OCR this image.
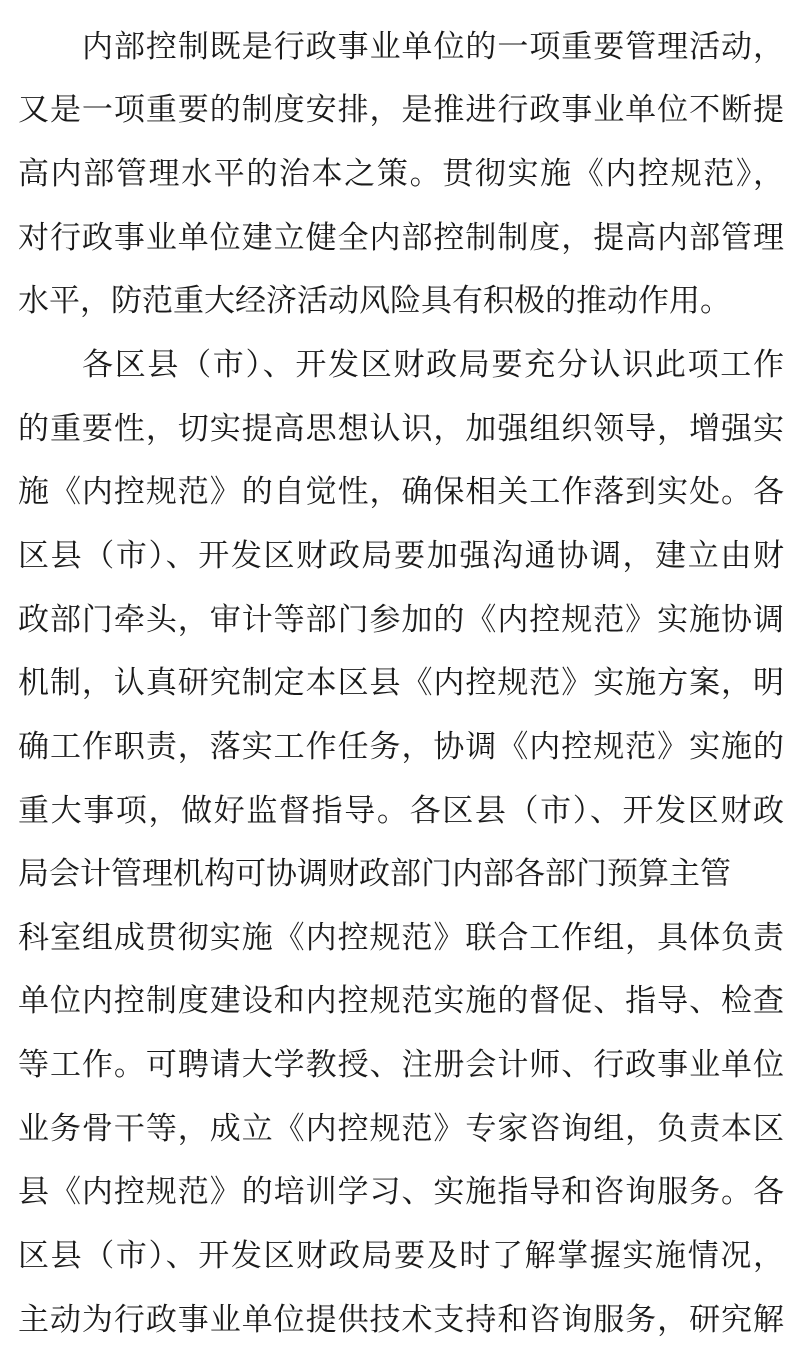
内部控制既是行政事业单位的一项重要管理活动，
又是一项重要的制度安排，是推进行政事业单位不断提
高内部管理水平的治本之策。贯彻实施《内控规范》，
对行政事业单位建立健全内部控制制度，提高内部管理
水平，防范重大经济活动风险具有积极的推动作用。
各区县（市）、开发区财政局要充分认识此项工作
的重要性，切实提高思想认识，加强组织领导，增强实
施《内控规范》的自觉性，确保相关工作落到实处。各
区县（市）、开发区财政局要加强沟通协调，建立由财
政部门牵头，审计等部门参加的《内控规范》实施协调
机制，认真研究制定本区县《内控规范》实施方案，明
确工作职责，落实工作任务，协调《内控规范》实施的
重大事项，做好监督指导。各区县（市）、开发区财政
局会计管理机构可协调财政部门内部各部门预算主管
科室组成贯彻实施《内控规范》联合工作组，具体负责
单位内控制度建设和内控规范实施的督促、指导、检查
等工作。可聘请大学教授、注册会计师、行政事业单位
业务骨干等，成立《内控规范》专家咨询组，负责本区
县《内控规范》的培训学习、实施指导和咨询服务。各
区县（市）、开发区财政局要及时了解掌握实施情况，
主动为行政事业单位提供技术支持和咨询服务，研究解
